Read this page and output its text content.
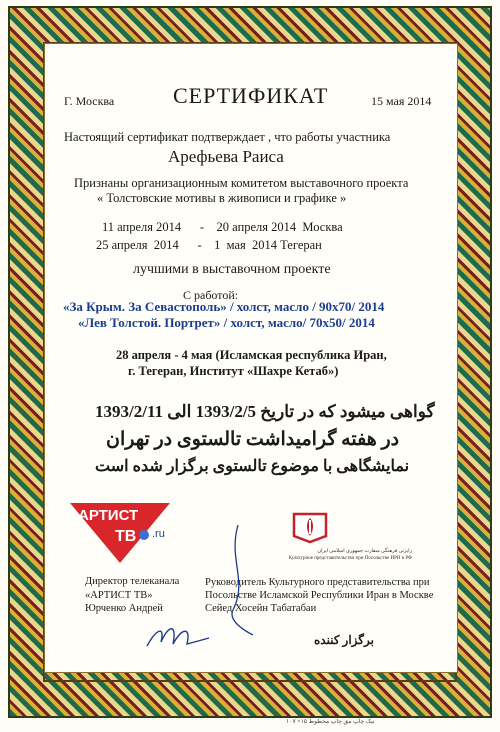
Г. Москва	СЕРТИФИКАТ	15 мая 2014
Настоящий сертификат подтверждает , что работы участника
Арефьева Раиса
Признаны организационным комитетом выставочного проекта
« Толстовские мотивы в живописи и графике »
11 апреля 2014      -    20 апреля 2014  Москва
25 апреля  2014      -    1  мая  2014 Тегеран
лучшими в выставочном проекте
С работой:
«За Крым. За Севастополь» / холст, масло / 90х70/ 2014
«Лев Толстой. Портрет» / холст, масло/ 70х50/ 2014
28 апреля - 4 мая (Исламская республика Иран,
г. Тегеран, Институт «Шахре Кетаб»)
گواهی میشود که در تاریخ 1393/2/5 الی 1393/2/11
در هفته گرامیداشت تالستوی در تهران
نمایشگاهی با موضوع تالستوی برگزار شده است
АРТИСТ
ТВ .ru
رایزنی فرهنگی سفارت جمهوری اسلامی ایران
Культурное представительство при Посольстве ИРИ в РФ
Директор телеканала
«АРТИСТ ТВ»
Юрченко Андрей
Руководитель Культурного представительства при
Посольстве Исламской Республики Иран в Москве
Сейед Хосейн Табатабаи
برگزار کننده
نیک چاپ مق چاپ مخطوط ۱۵× ۱۰۷
